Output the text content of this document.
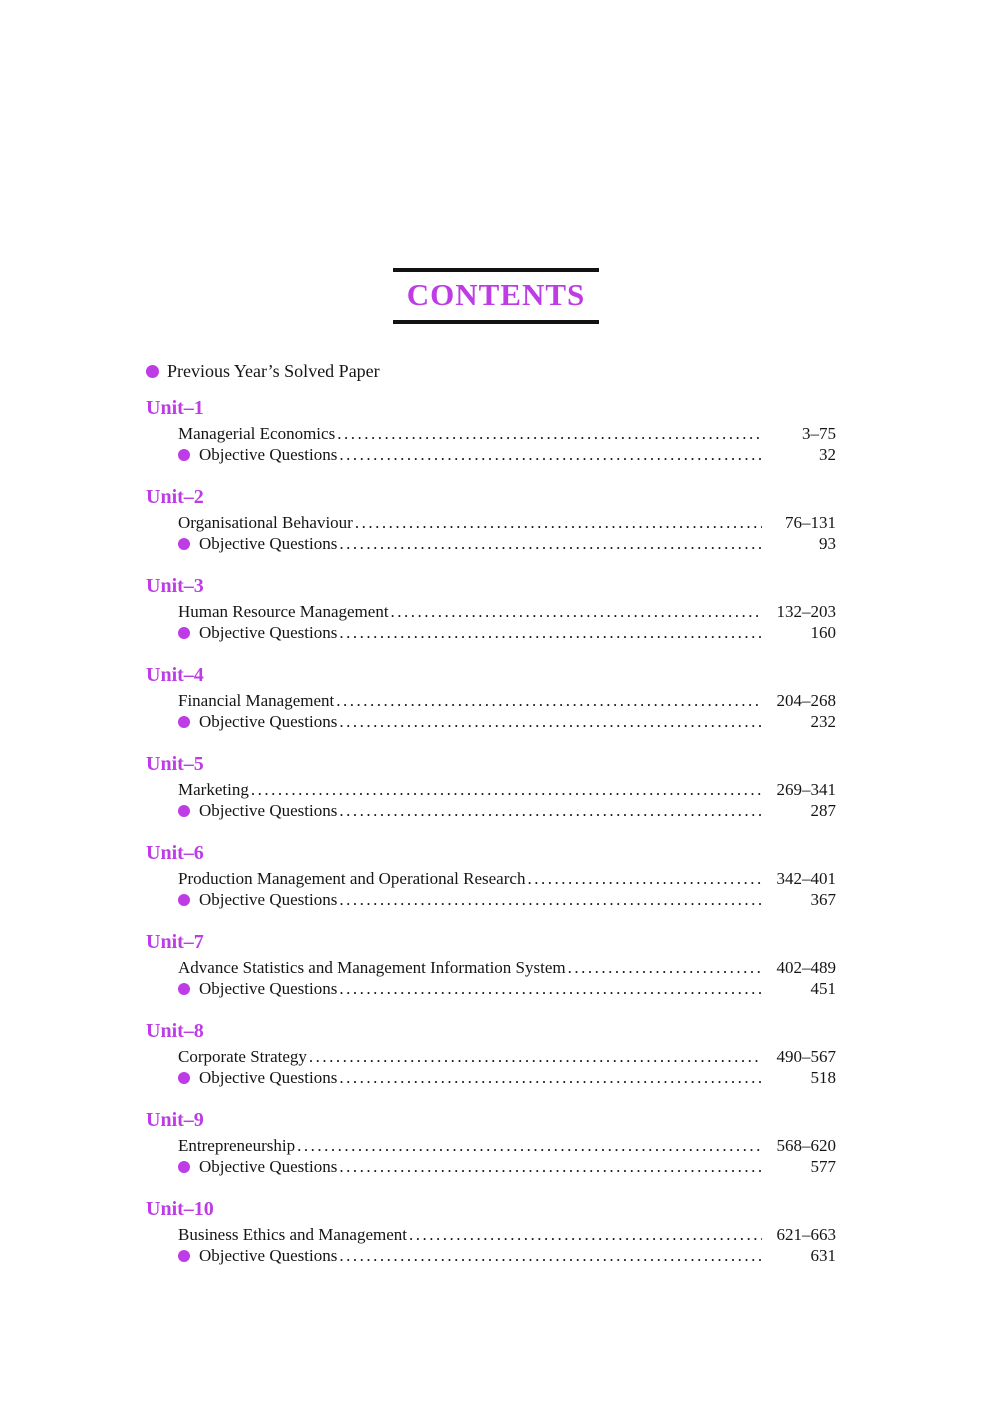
CONTENTS
Previous Year’s Solved Paper
Unit–1
Managerial Economics .....	3–75
Objective Questions .....	32
Unit–2
Organisational Behaviour .....	76–131
Objective Questions .....	93
Unit–3
Human Resource Management .....	132–203
Objective Questions .....	160
Unit–4
Financial Management .....	204–268
Objective Questions .....	232
Unit–5
Marketing .....	269–341
Objective Questions .....	287
Unit–6
Production Management and Operational Research .....	342–401
Objective Questions .....	367
Unit–7
Advance Statistics and Management Information System .....	402–489
Objective Questions .....	451
Unit–8
Corporate Strategy .....	490–567
Objective Questions .....	518
Unit–9
Entrepreneurship .....	568–620
Objective Questions .....	577
Unit–10
Business Ethics and Management .....	621–663
Objective Questions .....	631
